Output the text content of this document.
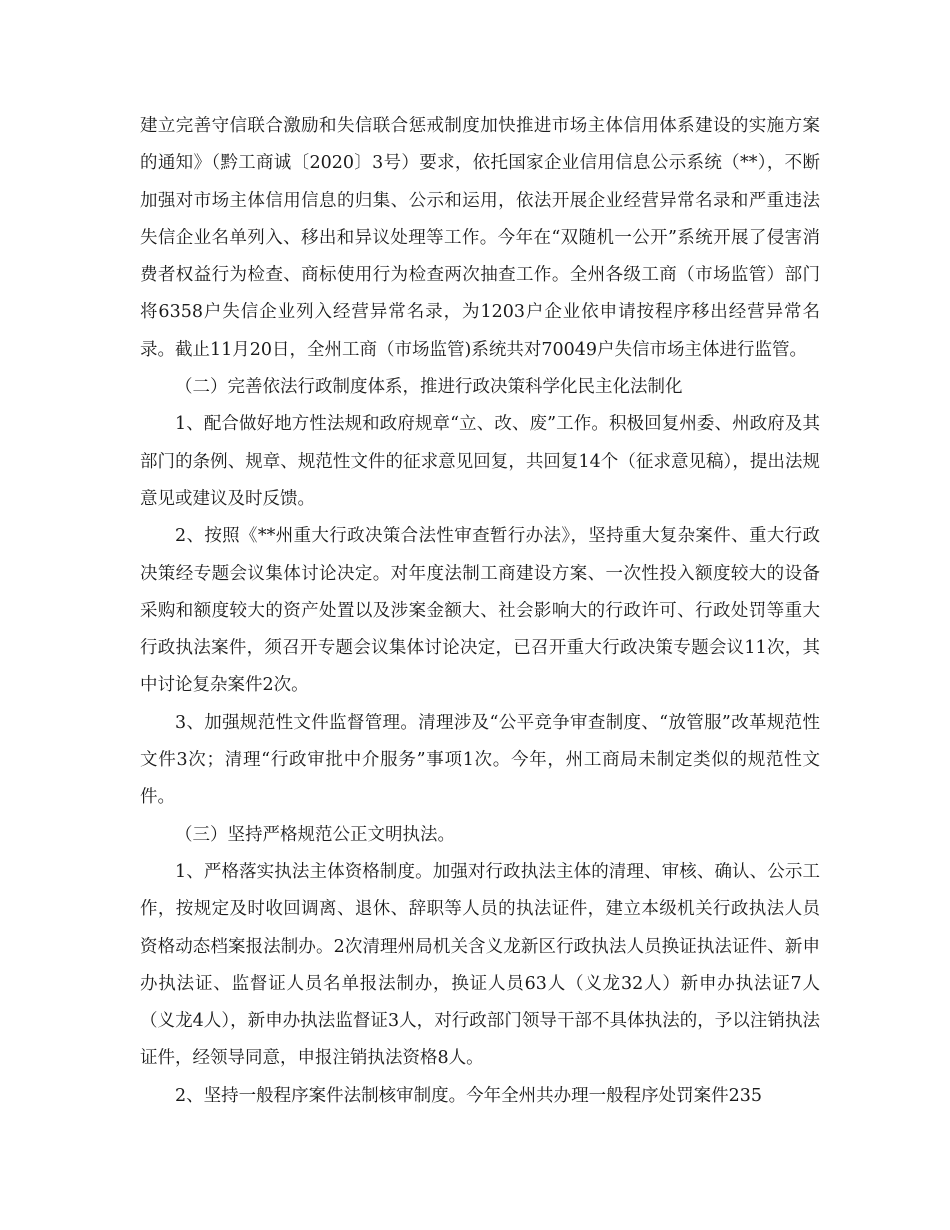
建立完善守信联合激励和失信联合惩戒制度加快推进市场主体信用体系建设的实施方案的通知》（黔工商诚〔2020〕3号）要求，依托国家企业信用信息公示系统（**），不断加强对市场主体信用信息的归集、公示和运用，依法开展企业经营异常名录和严重违法失信企业名单列入、移出和异议处理等工作。今年在“双随机一公开”系统开展了侵害消费者权益行为检查、商标使用行为检查两次抽查工作。全州各级工商（市场监管）部门将6358户失信企业列入经营异常名录，为1203户企业依申请按程序移出经营异常名录。截止11月20日，全州工商（市场监管)系统共对70049户失信市场主体进行监管。

（二）完善依法行政制度体系，推进行政决策科学化民主化法制化

1、配合做好地方性法规和政府规章“立、改、废”工作。积极回复州委、州政府及其部门的条例、规章、规范性文件的征求意见回复，共回复14个（征求意见稿），提出法规意见或建议及时反馈。

2、按照《**州重大行政决策合法性审查暂行办法》，坚持重大复杂案件、重大行政决策经专题会议集体讨论决定。对年度法制工商建设方案、一次性投入额度较大的设备采购和额度较大的资产处置以及涉案金额大、社会影响大的行政许可、行政处罚等重大行政执法案件，须召开专题会议集体讨论决定，已召开重大行政决策专题会议11次，其中讨论复杂案件2次。

3、加强规范性文件监督管理。清理涉及“公平竞争审查制度、“放管服”改革规范性文件3次；清理“行政审批中介服务”事项1次。今年，州工商局未制定类似的规范性文件。

（三）坚持严格规范公正文明执法。

1、严格落实执法主体资格制度。加强对行政执法主体的清理、审核、确认、公示工作，按规定及时收回调离、退休、辞职等人员的执法证件，建立本级机关行政执法人员资格动态档案报法制办。2次清理州局机关含义龙新区行政执法人员换证执法证件、新申办执法证、监督证人员名单报法制办，换证人员63人（义龙32人）新申办执法证7人（义龙4人），新申办执法监督证3人，对行政部门领导干部不具体执法的，予以注销执法证件，经领导同意，申报注销执法资格8人。

2、坚持一般程序案件法制核审制度。今年全州共办理一般程序处罚案件235
